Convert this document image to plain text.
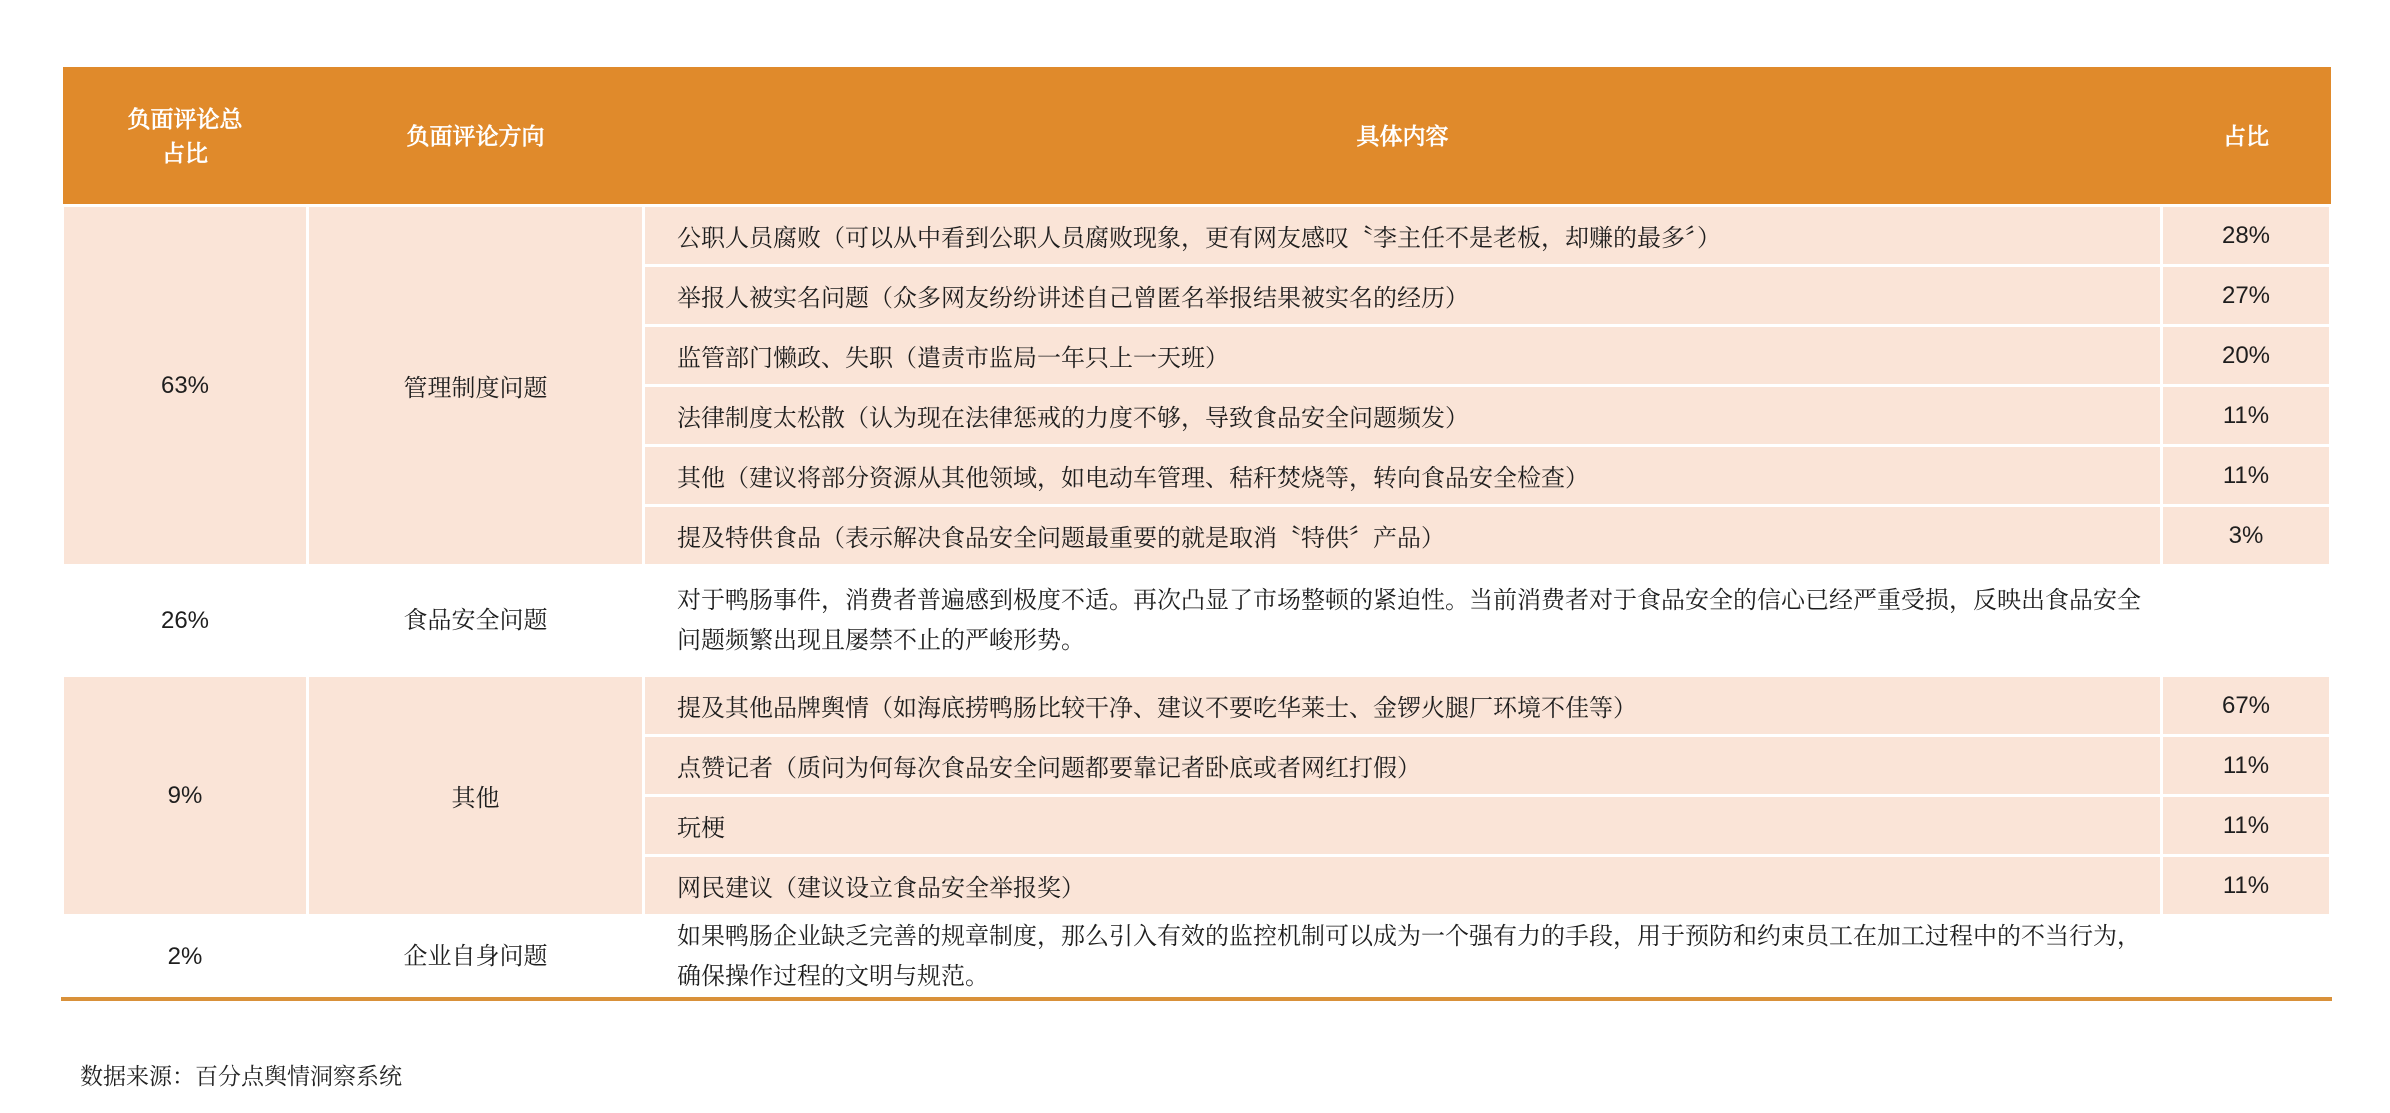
负面评论总
占比	负面评论方向	具体内容	占比
63%	管理制度问题	公职人员腐败（可以从中看到公职人员腐败现象，更有网友感叹〝李主任不是老板，却赚的最多〞）	28%
		举报人被实名问题（众多网友纷纷讲述自己曾匿名举报结果被实名的经历）	27%
		监管部门懒政、失职（遣责市监局一年只上一天班）	20%
		法律制度太松散（认为现在法律惩戒的力度不够，导致食品安全问题频发）	11%
		其他（建议将部分资源从其他领域，如电动车管理、秸秆焚烧等，转向食品安全检查）	11%
		提及特供食品（表示解决食品安全问题最重要的就是取消〝特供〞产品）	3%
26%	食品安全问题	对于鸭肠事件，消费者普遍感到极度不适。再次凸显了市场整顿的紧迫性。当前消费者对于食品安全的信心已经严重受损，反映出食品安全问题频繁出现且屡禁不止的严峻形势。	
9%	其他	提及其他品牌舆情（如海底捞鸭肠比较干净、建议不要吃华莱士、金锣火腿厂环境不佳等）	67%
		点赞记者（质问为何每次食品安全问题都要靠记者卧底或者网红打假）	11%
		玩梗	11%
		网民建议（建议设立食品安全举报奖）	11%
2%	企业自身问题	如果鸭肠企业缺乏完善的规章制度，那么引入有效的监控机制可以成为一个强有力的手段，用于预防和约束员工在加工过程中的不当行为，确保操作过程的文明与规范。	
数据来源：百分点舆情洞察系统
